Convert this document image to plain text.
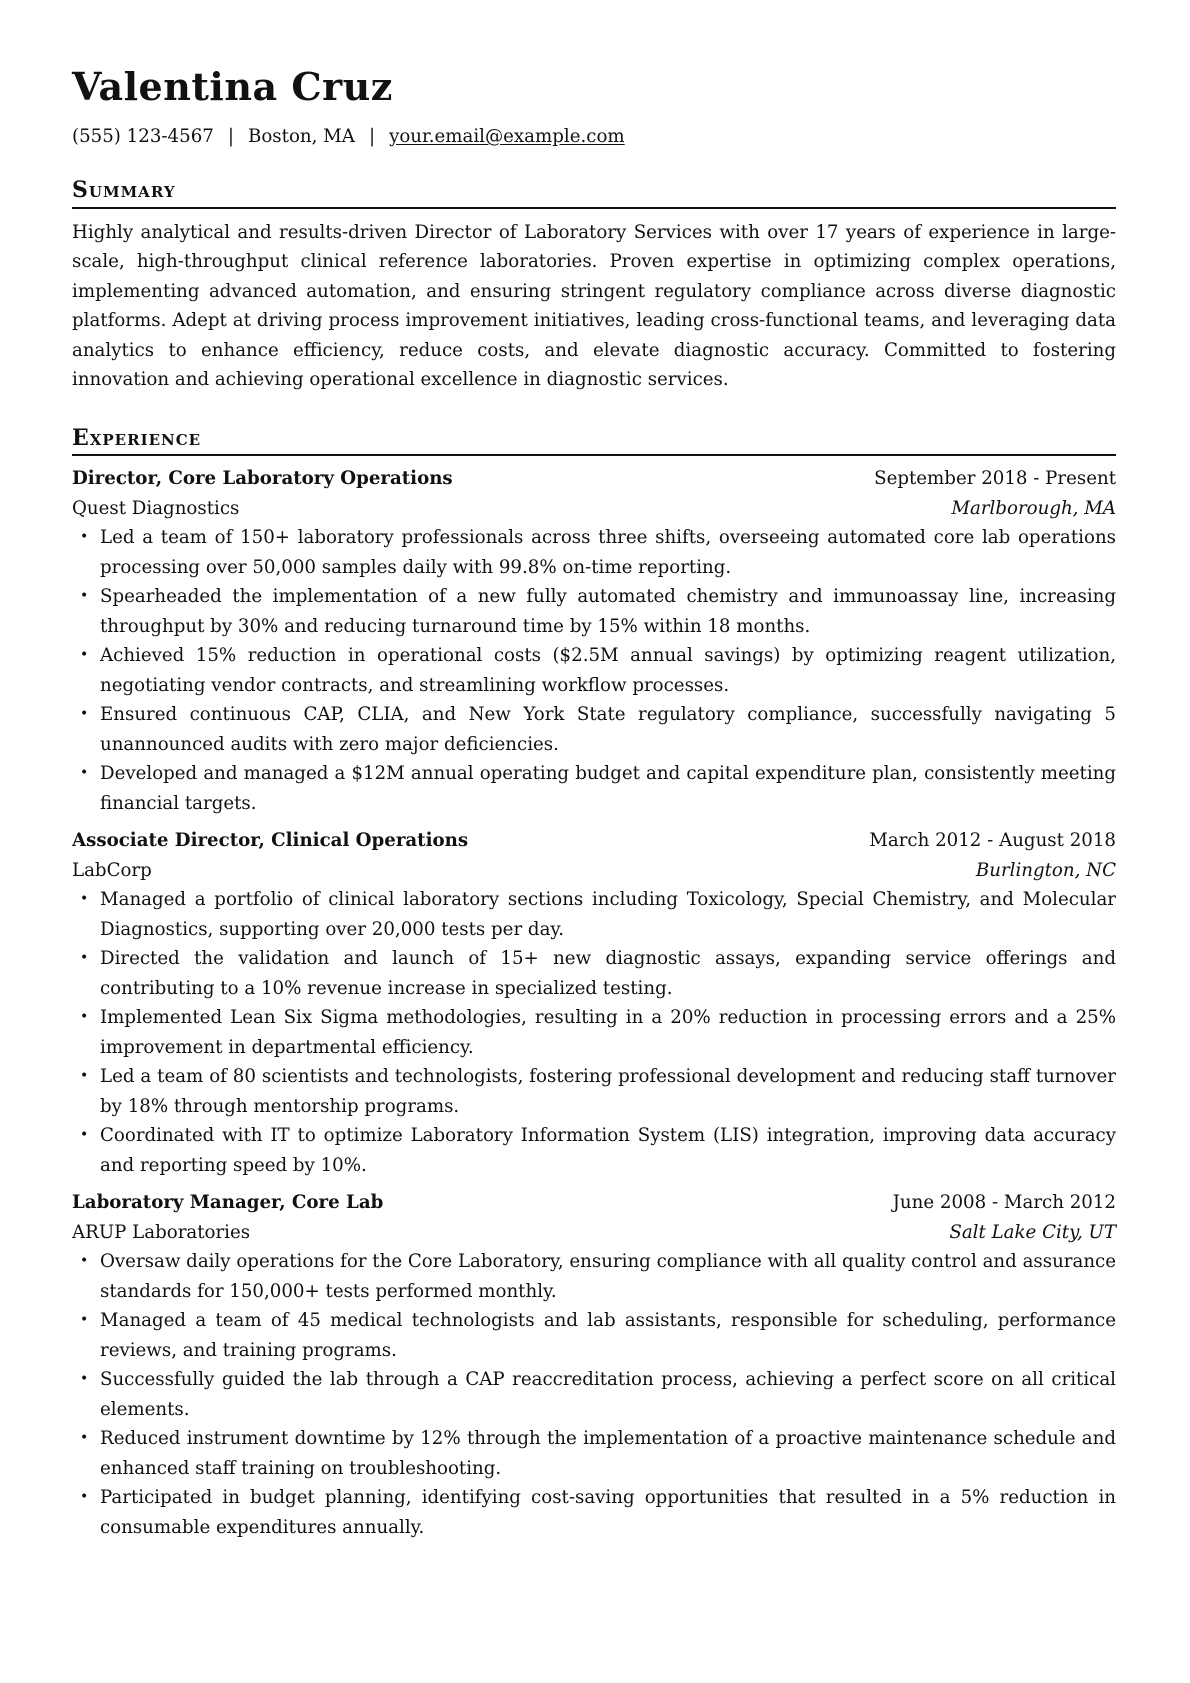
Valentina Cruz
(555) 123-4567 | Boston, MA | your.email@example.com
Summary
Highly analytical and results-driven Director of Laboratory Services with over 17 years of experience in large-scale, high-throughput clinical reference laboratories. Proven expertise in optimizing complex operations, implementing advanced automation, and ensuring stringent regulatory compliance across diverse diagnostic platforms. Adept at driving process improvement initiatives, leading cross-functional teams, and leveraging data analytics to enhance efficiency, reduce costs, and elevate diagnostic accuracy. Committed to fostering innovation and achieving operational excellence in diagnostic services.
Experience
Director, Core Laboratory Operations	September 2018 - Present
Quest Diagnostics	Marlborough, MA
• Led a team of 150+ laboratory professionals across three shifts, overseeing automated core lab operations processing over 50,000 samples daily with 99.8% on-time reporting.
• Spearheaded the implementation of a new fully automated chemistry and immunoassay line, increasing throughput by 30% and reducing turnaround time by 15% within 18 months.
• Achieved 15% reduction in operational costs ($2.5M annual savings) by optimizing reagent utilization, negotiating vendor contracts, and streamlining workflow processes.
• Ensured continuous CAP, CLIA, and New York State regulatory compliance, successfully navigating 5 unannounced audits with zero major deficiencies.
• Developed and managed a $12M annual operating budget and capital expenditure plan, consistently meeting financial targets.
Associate Director, Clinical Operations	March 2012 - August 2018
LabCorp	Burlington, NC
• Managed a portfolio of clinical laboratory sections including Toxicology, Special Chemistry, and Molecular Diagnostics, supporting over 20,000 tests per day.
• Directed the validation and launch of 15+ new diagnostic assays, expanding service offerings and contributing to a 10% revenue increase in specialized testing.
• Implemented Lean Six Sigma methodologies, resulting in a 20% reduction in processing errors and a 25% improvement in departmental efficiency.
• Led a team of 80 scientists and technologists, fostering professional development and reducing staff turnover by 18% through mentorship programs.
• Coordinated with IT to optimize Laboratory Information System (LIS) integration, improving data accuracy and reporting speed by 10%.
Laboratory Manager, Core Lab	June 2008 - March 2012
ARUP Laboratories	Salt Lake City, UT
• Oversaw daily operations for the Core Laboratory, ensuring compliance with all quality control and assurance standards for 150,000+ tests performed monthly.
• Managed a team of 45 medical technologists and lab assistants, responsible for scheduling, performance reviews, and training programs.
• Successfully guided the lab through a CAP reaccreditation process, achieving a perfect score on all critical elements.
• Reduced instrument downtime by 12% through the implementation of a proactive maintenance schedule and enhanced staff training on troubleshooting.
• Participated in budget planning, identifying cost-saving opportunities that resulted in a 5% reduction in consumable expenditures annually.
